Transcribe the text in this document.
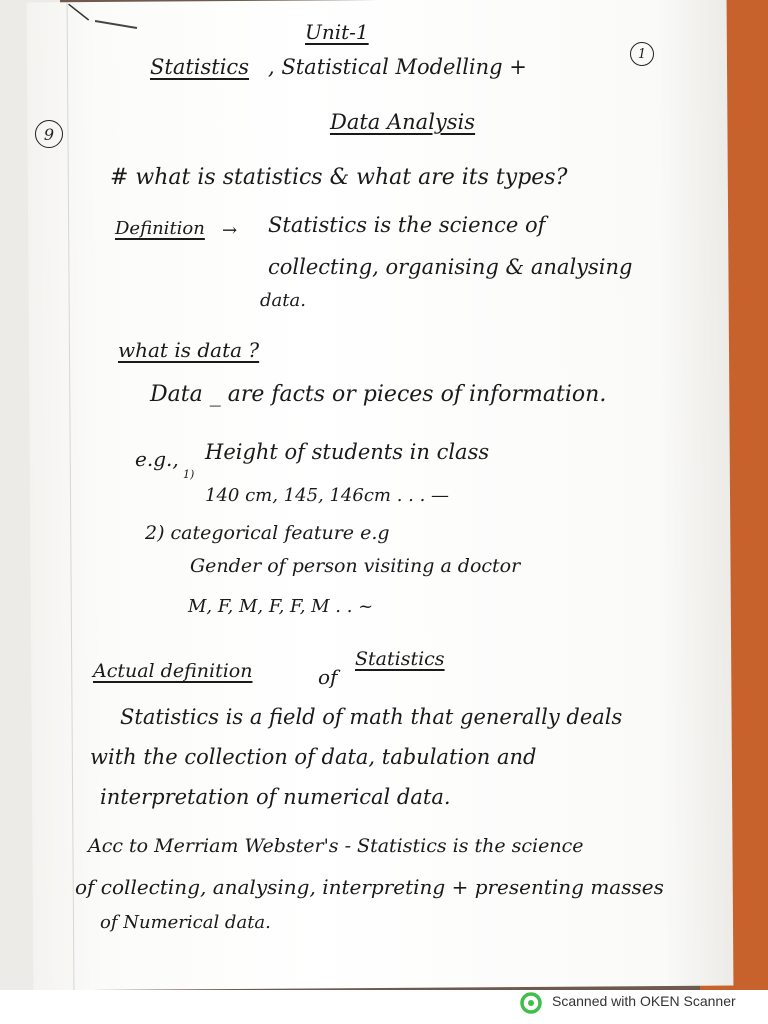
Unit-1
1
9
Statistics , Statistical Modelling +
Data Analysis
# what is statistics & what are its types?
Definition → Statistics is the science of
collecting, organising & analysing
data.
what is data ?
Data _ are facts or pieces of information.
e.g.,
1)
Height of students in class
140 cm, 145, 146cm . . . —
2) categorical feature e.g
Gender of person visiting a doctor
M, F, M, F, F, M . . ~
Actual definition	of
Statistics
Statistics is a field of math that generally deals
with the collection of data, tabulation and
interpretation of numerical data.
Acc to Merriam Webster's - Statistics is the science
of collecting, analysing, interpreting + presenting masses
of Numerical data.
Scanned with OKEN Scanner
